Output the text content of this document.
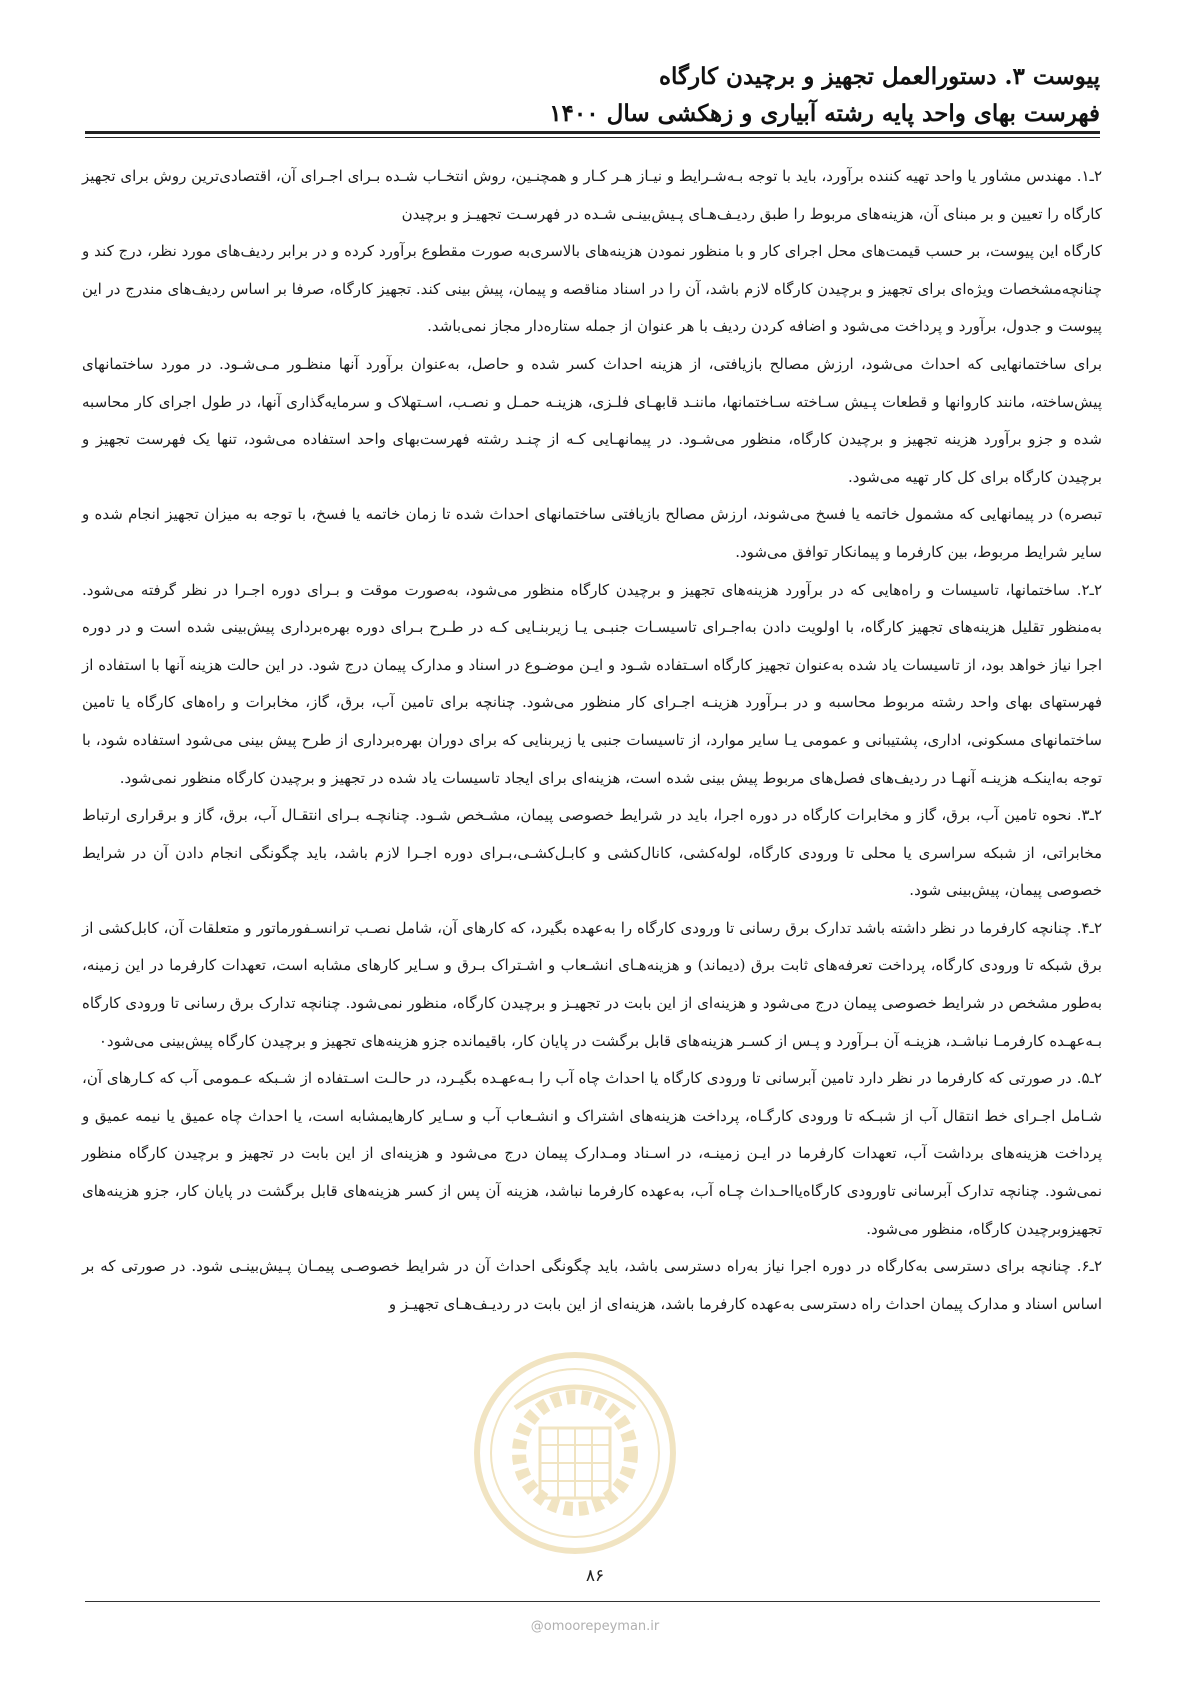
پیوست ۳. دستورالعمل تجهیز و برچیدن کارگاه
فهرست بهای واحد پایه رشته آبیاری و زهکشی سال ۱۴۰۰

۲ـ۱. مهندس مشاور یا واحد تهیه کننده برآورد، باید با توجه بـه‌شـرایط و نیـاز هـر کـار و همچنـین، روش انتخـاب شـده بـرای اجـرای آن، اقتصادی‌ترین روش برای تجهیز کارگاه را تعیین و بر مبنای آن، هزینه‌های مربوط را طبق ردیـف‌هـای پـیش‌بینـی شـده در فهرسـت تجهیـز و برچیدن

کارگاه این پیوست، بر حسب قیمت‌های محل اجرای کار و با منظور نمودن هزینه‌های بالاسری‌به صورت مقطوع برآورد کرده و در برابر ردیف‌های مورد نظر، درج کند و چنانچه‌مشخصات ویژه‌ای برای تجهیز و برچیدن کارگاه لازم باشد، آن را در اسناد مناقصه و پیمان، پیش بینی کند. تجهیز کارگاه، صرفا بر اساس ردیف‌های مندرج در این پیوست و جدول، برآورد و پرداخت می‌شود و اضافه کردن ردیف با هر عنوان از جمله ستاره‌دار مجاز نمی‌باشد.

برای ساختمانهایی که احداث می‌شود، ارزش مصالح بازیافتی، از هزینه احداث کسر شده و حاصل، به‌عنوان برآورد آنها منظـور مـی‌شـود. در مورد ساختمانهای پیش‌ساخته، مانند کاروانها و قطعات پـیش سـاخته سـاختمانها، ماننـد قابهـای فلـزی، هزینـه حمـل و نصـب، اسـتهلاک و سرمایه‌گذاری آنها، در طول اجرای کار محاسبه شده و جزو برآورد هزینه تجهیز و برچیدن کارگاه، منظور می‌شـود. در پیمانهـایی کـه از چنـد رشته فهرست‌بهای واحد استفاده می‌شود، تنها یک فهرست تجهیز و برچیدن کارگاه برای کل کار تهیه می‌شود.

تبصره) در پیمانهایی که مشمول خاتمه یا فسخ می‌شوند، ارزش مصالح بازیافتی ساختمانهای احداث شده تا زمان خاتمه یا فسخ، با توجه به میزان تجهیز انجام شده و سایر شرایط مربوط، بین کارفرما و پیمانکار توافق می‌شود.

۲ـ۲. ساختمانها، تاسیسات و راه‌هایی که در برآورد هزینه‌های تجهیز و برچیدن کارگاه منظور می‌شود، به‌صورت موقت و بـرای دوره اجـرا در نظر گرفته می‌شود. به‌منظور تقلیل هزینه‌های تجهیز کارگاه، با اولویت دادن به‌اجـرای تاسیسـات جنبـی یـا زیربنـایی کـه در طـرح بـرای دوره بهره‌برداری پیش‌بینی شده است و در دوره اجرا نیاز خواهد بود، از تاسیسات یاد شده به‌عنوان تجهیز کارگاه اسـتفاده شـود و ایـن موضـوع در اسناد و مدارک پیمان درج شود. در این حالت هزینه آنها با استفاده از فهرستهای بهای واحد رشته مربوط محاسبه و در بـرآورد هزینـه اجـرای کار منظور می‌شود. چنانچه برای تامین آب، برق، گاز، مخابرات و راه‌های کارگاه یا تامین ساختمانهای مسکونی، اداری، پشتیبانی و عمومی یـا سایر موارد، از تاسیسات جنبی یا زیربنایی که برای دوران بهره‌برداری از طرح پیش بینی می‌شود استفاده شود، با توجه به‌اینکـه هزینـه آنهـا در ردیف‌های فصل‌های مربوط پیش بینی شده است، هزینه‌ای برای ایجاد تاسیسات یاد شده در تجهیز و برچیدن کارگاه منظور نمی‌شود.

۲ـ۳. نحوه تامین آب، برق، گاز و مخابرات کارگاه در دوره اجرا، باید در شرایط خصوصی پیمان، مشـخص شـود. چنانچـه بـرای انتقـال آب، برق، گاز و برقراری ارتباط مخابراتی، از شبکه سراسری یا محلی تا ورودی کارگاه، لوله‌کشی، کانال‌کشی و کابـل‌کشـی،بـرای دوره اجـرا لازم باشد، باید چگونگی انجام دادن آن در شرایط خصوصی پیمان، پیش‌بینی شود.

۲ـ۴. چنانچه کارفرما در نظر داشته باشد تدارک برق رسانی تا ورودی کارگاه را به‌عهده بگیرد، که کارهای آن، شامل نصـب ترانسـفورماتور و متعلقات آن، کابل‌کشی از برق شبکه تا ورودی کارگاه، پرداخت تعرفه‌های ثابت برق (دیماند) و هزینه‌هـای انشـعاب و اشـتراک بـرق و سـایر کارهای مشابه است، تعهدات کارفرما در این زمینه، به‌طور مشخص در شرایط خصوصی پیمان درج می‌شود و هزینه‌ای از این بابت در تجهیـز و برچیدن کارگاه، منظور نمی‌شود. چنانچه تدارک برق رسانی تا ورودی کارگاه بـه‌عهـده کارفرمـا نباشـد، هزینـه آن بـرآورد و پـس از کسـر هزینه‌های قابل برگشت در پایان کار، باقیمانده جزو هزینه‌های تجهیز و برچیدن کارگاه پیش‌بینی می‌شود۰

۲ـ۵. در صورتی که کارفرما در نظر دارد تامین آبرسانی تا ورودی کارگاه یا احداث چاه آب را بـه‌عهـده بگیـرد، در حالـت اسـتفاده از شـبکه عـمومی آب که کـارهای آن، شـامل اجـرای خط انتقال آب از شبـکه تا ورودی کارگـاه، پرداخت هزینه‌های اشتراک و انشـعاب آب و سـایر کارهایمشابه است، یا احداث چاه عمیق یا نیمه عمیق و پرداخت هزینه‌های برداشت آب، تعهدات کارفرما در ایـن زمینـه، در اسـناد ومـدارک پیمان درج می‌شود و هزینه‌ای از این بابت در تجهیز و برچیدن کارگاه منظور نمی‌شود. چنانچه تدارک آبرسانی تاورودی کارگاه‌یااحـداث چـاه آب، به‌عهده کارفرما نباشد، هزینه آن پس از کسر هزینه‌های قابل برگشت در پایان کار، جزو هزینه‌های تجهیزوبرچیدن کارگاه، منظور می‌شود.

۲ـ۶. چنانچه برای دسترسی به‌کارگاه در دوره اجرا نیاز به‌راه دسترسی باشد، باید چگونگی احداث آن در شرایط خصوصـی پیمـان پـیش‌بینـی شود. در صورتی که بر اساس اسناد و مدارک پیمان احداث راه دسترسی به‌عهده کارفرما باشد، هزینه‌ای از این بابت در ردیـف‌هـای تجهیـز و

۸۶
@omoorepeyman.ir
